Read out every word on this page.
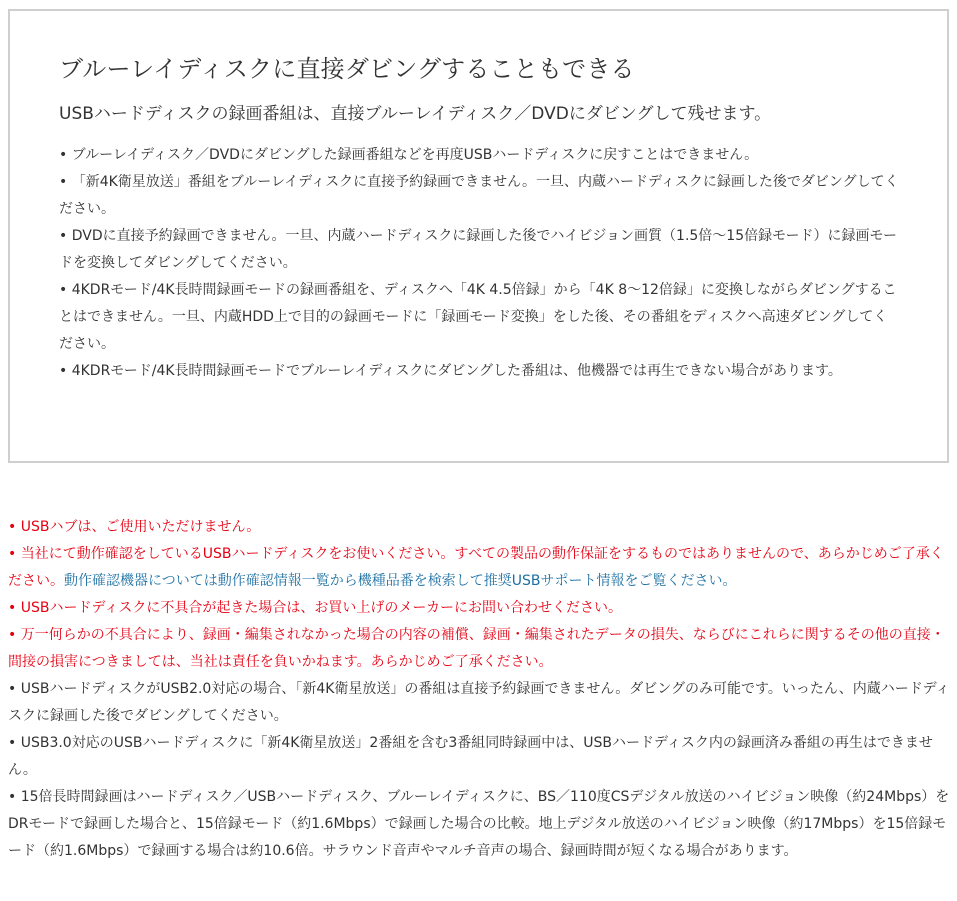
ブルーレイディスクに直接ダビングすることもできる

USBハードディスクの録画番組は、直接ブルーレイディスク／DVDにダビングして残せます。

• ブルーレイディスク／DVDにダビングした録画番組などを再度USBハードディスクに戻すことはできません。
• 「新4K衛星放送」番組をブルーレイディスクに直接予約録画できません。一旦、内蔵ハードディスクに録画した後でダビングしてください。
• DVDに直接予約録画できません。一旦、内蔵ハードディスクに録画した後でハイビジョン画質（1.5倍～15倍録モード）に録画モードを変換してダビングしてください。
• 4KDRモード/4K長時間録画モードの録画番組を、ディスクへ「4K 4.5倍録」から「4K 8～12倍録」に変換しながらダビングすることはできません。一旦、内蔵HDD上で目的の録画モードに「録画モード変換」をした後、その番組をディスクへ高速ダビングしてください。
• 4KDRモード/4K長時間録画モードでブルーレイディスクにダビングした番組は、他機器では再生できない場合があります。
• USBハブは、ご使用いただけません。
• 当社にて動作確認をしているUSBハードディスクをお使いください。すべての製品の動作保証をするものではありませんので、あらかじめご了承ください。動作確認機器については動作確認情報一覧から機種品番を検索して推奨USBサポート情報をご覧ください。
• USBハードディスクに不具合が起きた場合は、お買い上げのメーカーにお問い合わせください。
• 万一何らかの不具合により、録画・編集されなかった場合の内容の補償、録画・編集されたデータの損失、ならびにこれらに関するその他の直接・間接の損害につきましては、当社は責任を負いかねます。あらかじめご了承ください。
• USBハードディスクがUSB2.0対応の場合、「新4K衛星放送」の番組は直接予約録画できません。ダビングのみ可能です。いったん、内蔵ハードディスクに録画した後でダビングしてください。
• USB3.0対応のUSBハードディスクに「新4K衛星放送」2番組を含む3番組同時録画中は、USBハードディスク内の録画済み番組の再生はできません。
• 15倍長時間録画はハードディスク／USBハードディスク、ブルーレイディスクに、BS／110度CSデジタル放送のハイビジョン映像（約24Mbps）をDRモードで録画した場合と、15倍録モード（約1.6Mbps）で録画した場合の比較。地上デジタル放送のハイビジョン映像（約17Mbps）を15倍録モード（約1.6Mbps）で録画する場合は約10.6倍。サラウンド音声やマルチ音声の場合、録画時間が短くなる場合があります。
